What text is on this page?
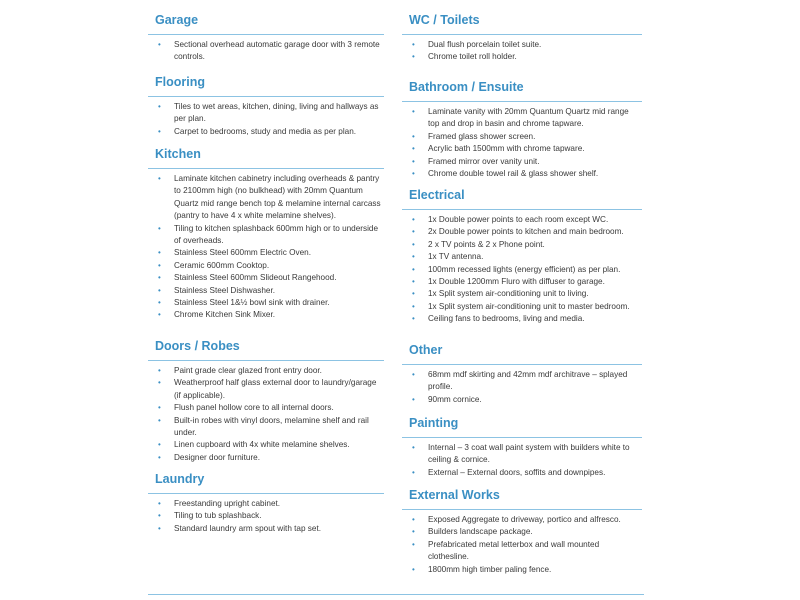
Garage
• Sectional overhead automatic garage door with 3 remote controls.
Flooring
• Tiles to wet areas, kitchen, dining, living and hallways as per plan.
• Carpet to bedrooms, study and media as per plan.
Kitchen
• Laminate kitchen cabinetry including overheads & pantry to 2100mm high (no bulkhead) with 20mm Quantum Quartz mid range bench top & melamine internal carcass (pantry to have 4 x white melamine shelves).
• Tiling to kitchen splashback 600mm high or to underside of overheads.
• Stainless Steel 600mm Electric Oven.
• Ceramic 600mm Cooktop.
• Stainless Steel 600mm Slideout Rangehood.
• Stainless Steel Dishwasher.
• Stainless Steel 1&½ bowl sink with drainer.
• Chrome Kitchen Sink Mixer.
Doors / Robes
• Paint grade clear glazed front entry door.
• Weatherproof half glass external door to laundry/garage (if applicable).
• Flush panel hollow core to all internal doors.
• Built-in robes with vinyl doors, melamine shelf and rail under.
• Linen cupboard with 4x white melamine shelves.
• Designer door furniture.
Laundry
• Freestanding upright cabinet.
• Tiling to tub splashback.
• Standard laundry arm spout with tap set.
WC / Toilets
• Dual flush porcelain toilet suite.
• Chrome toilet roll holder.
Bathroom / Ensuite
• Laminate vanity with 20mm Quantum Quartz mid range top and drop in basin and chrome tapware.
• Framed glass shower screen.
• Acrylic bath 1500mm with chrome tapware.
• Framed mirror over vanity unit.
• Chrome double towel rail & glass shower shelf.
Electrical
• 1x Double power points to each room except WC.
• 2x Double power points to kitchen and main bedroom.
• 2 x TV points & 2 x Phone point.
• 1x TV antenna.
• 100mm recessed lights (energy efficient) as per plan.
• 1x Double 1200mm Fluro with diffuser to garage.
• 1x Split system air-conditioning unit to living.
• 1x Split system air-conditioning unit to master bedroom.
• Ceiling fans to bedrooms, living and media.
Other
• 68mm mdf skirting and 42mm mdf architrave – splayed profile.
• 90mm cornice.
Painting
• Internal – 3 coat wall paint system with builders white to ceiling & cornice.
• External – External doors, soffits and downpipes.
External Works
• Exposed Aggregate to driveway, portico and alfresco.
• Builders landscape package.
• Prefabricated metal letterbox and wall mounted clothesline.
• 1800mm high timber paling fence.
